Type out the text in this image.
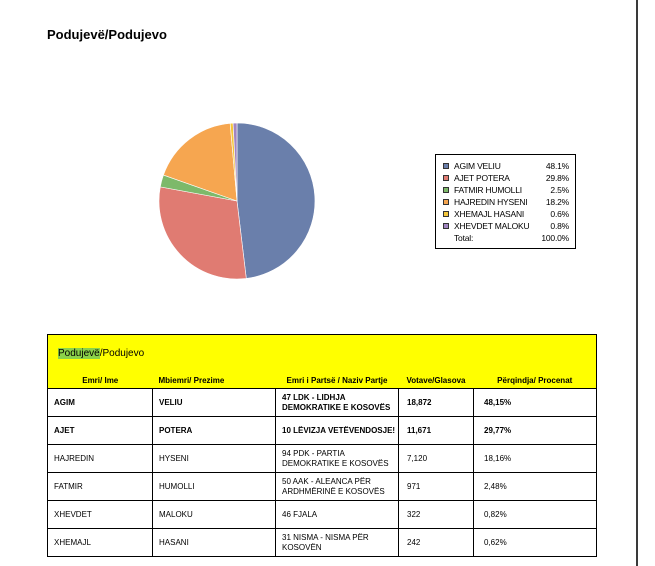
Podujevë/Podujevo
AGIM VELIU	48.1%
AJET POTERA	29.8%
FATMIR HUMOLLI	2.5%
HAJREDIN HYSENI 18.2%
XHEMAJL HASANI	0.6%
XHEVDET MALOKU 0.8%
Total:	100.0%
Podujevë/Podujevo				
Emri/ Ime	Mbiemri/ Prezime	Emri i Partsë / Naziv Partje	Votave/Glasova	Përqindja/ Procenat
AGIM	VELIU	47 LDK - LIDHJA DEMOKRATIKE E KOSOVËS	18,872	48,15%
AJET	POTERA	10 LËVIZJA VETËVENDOSJE!	11,671	29,77%
HAJREDIN	HYSENI	94 PDK - PARTIA DEMOKRATIKE E KOSOVËS	7,120	18,16%
FATMIR	HUMOLLI	50 AAK - ALEANCA PËR ARDHMËRINË E KOSOVËS	971	2,48%
XHEVDET	MALOKU	46 FJALA	322	0,82%
XHEMAJL	HASANI	31 NISMA - NISMA PËR KOSOVËN	242	0,62%
